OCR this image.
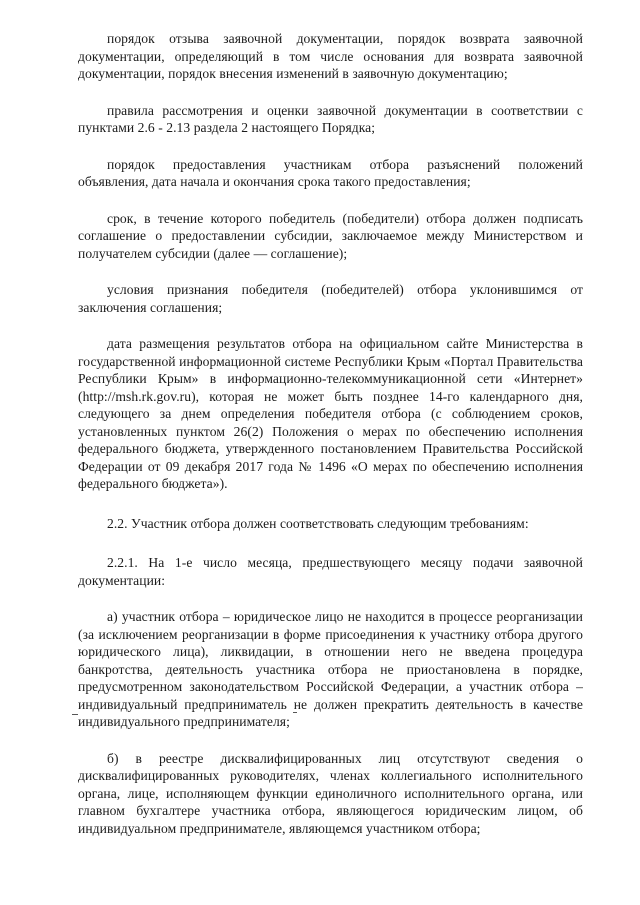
порядок отзыва заявочной документации, порядок возврата заявочной документации, определяющий в том числе основания для возврата заявочной документации, порядок внесения изменений в заявочную документацию;

правила рассмотрения и оценки заявочной документации в соответствии с пунктами 2.6 - 2.13 раздела 2 настоящего Порядка;

порядок предоставления участникам отбора разъяснений положений объявления, дата начала и окончания срока такого предоставления;

срок, в течение которого победитель (победители) отбора должен подписать соглашение о предоставлении субсидии, заключаемое между Министерством и получателем субсидии (далее — соглашение);

условия признания победителя (победителей) отбора уклонившимся от заключения соглашения;

дата размещения результатов отбора на официальном сайте Министерства в государственной информационной системе Республики Крым «Портал Правительства Республики Крым» в информационно-телекоммуникационной сети «Интернет» (http://msh.rk.gov.ru), которая не может быть позднее 14-го календарного дня, следующего за днем определения победителя отбора (с соблюдением сроков, установленных пунктом 26(2) Положения о мерах по обеспечению исполнения федерального бюджета, утвержденного постановлением Правительства Российской Федерации от 09 декабря 2017 года № 1496 «О мерах по обеспечению исполнения федерального бюджета»).

2.2. Участник отбора должен соответствовать следующим требованиям:

2.2.1. На 1-е число месяца, предшествующего месяцу подачи заявочной документации:

а) участник отбора – юридическое лицо не находится в процессе реорганизации (за исключением реорганизации в форме присоединения к участнику отбора другого юридического лица), ликвидации, в отношении него не введена процедура банкротства, деятельность участника отбора не приостановлена в порядке, предусмотренном законодательством Российской Федерации, а участник отбора – индивидуальный предприниматель не должен прекратить деятельность в качестве индивидуального предпринимателя;

б) в реестре дисквалифицированных лиц отсутствуют сведения о дисквалифицированных руководителях, членах коллегиального исполнительного органа, лице, исполняющем функции единоличного исполнительного органа, или главном бухгалтере участника отбора, являющегося юридическим лицом, об индивидуальном предпринимателе, являющемся участником отбора;
